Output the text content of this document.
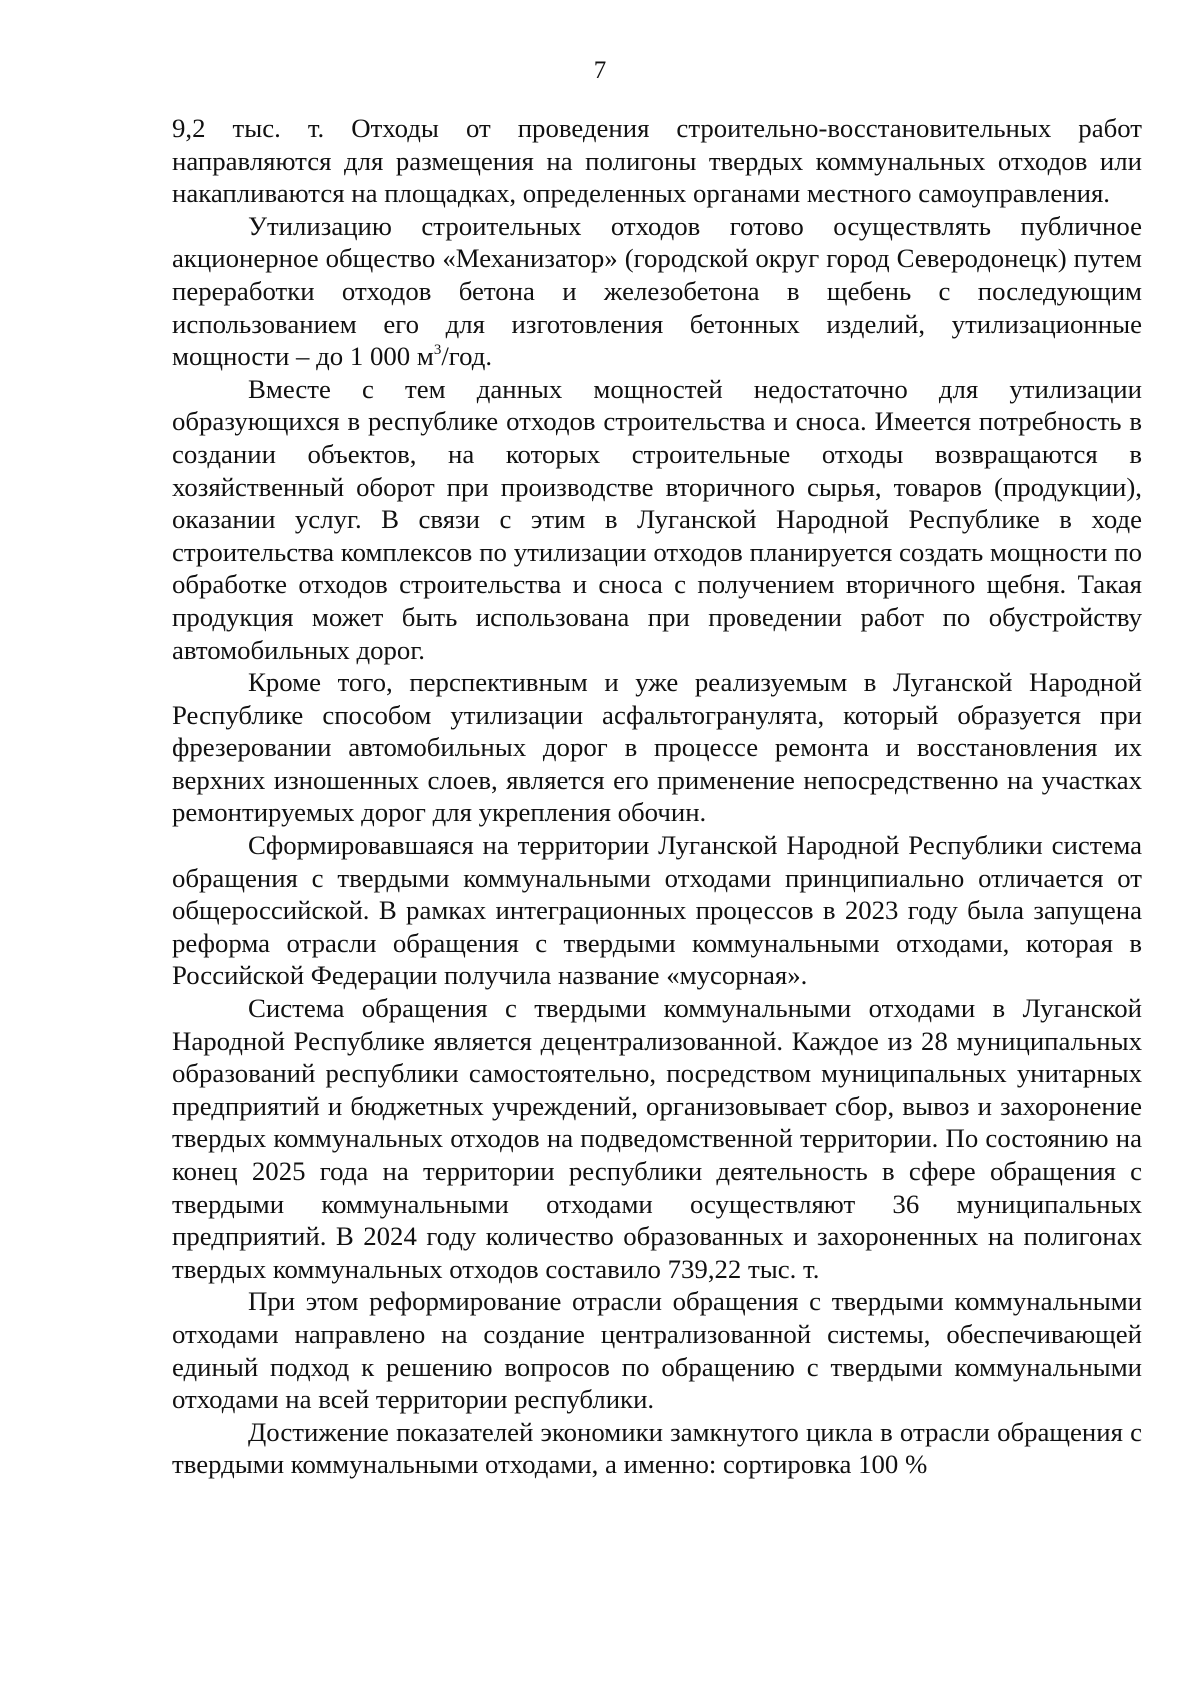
7

9,2 тыс. т. Отходы от проведения строительно-восстановительных работ направляются для размещения на полигоны твердых коммунальных отходов или накапливаются на площадках, определенных органами местного самоуправления.

Утилизацию строительных отходов готово осуществлять публичное акционерное общество «Механизатор» (городской округ город Северодонецк) путем переработки отходов бетона и железобетона в щебень с последующим использованием его для изготовления бетонных изделий, утилизационные мощности – до 1 000 $м^3$/год.

Вместе с тем данных мощностей недостаточно для утилизации образующихся в республике отходов строительства и сноса. Имеется потребность в создании объектов, на которых строительные отходы возвращаются в хозяйственный оборот при производстве вторичного сырья, товаров (продукции), оказании услуг. В связи с этим в Луганской Народной Республике в ходе строительства комплексов по утилизации отходов планируется создать мощности по обработке отходов строительства и сноса с получением вторичного щебня. Такая продукция может быть использована при проведении работ по обустройству автомобильных дорог.

Кроме того, перспективным и уже реализуемым в Луганской Народной Республике способом утилизации асфальтогранулята, который образуется при фрезеровании автомобильных дорог в процессе ремонта и восстановления их верхних изношенных слоев, является его применение непосредственно на участках ремонтируемых дорог для укрепления обочин.

Сформировавшаяся на территории Луганской Народной Республики система обращения с твердыми коммунальными отходами принципиально отличается от общероссийской. В рамках интеграционных процессов в 2023 году была запущена реформа отрасли обращения с твердыми коммунальными отходами, которая в Российской Федерации получила название «мусорная».

Система обращения с твердыми коммунальными отходами в Луганской Народной Республике является децентрализованной. Каждое из 28 муниципальных образований республики самостоятельно, посредством муниципальных унитарных предприятий и бюджетных учреждений, организовывает сбор, вывоз и захоронение твердых коммунальных отходов на подведомственной территории. По состоянию на конец 2025 года на территории республики деятельность в сфере обращения с твердыми коммунальными отходами осуществляют 36 муниципальных предприятий. В 2024 году количество образованных и захороненных на полигонах твердых коммунальных отходов составило 739,22 тыс. т.

При этом реформирование отрасли обращения с твердыми коммунальными отходами направлено на создание централизованной системы, обеспечивающей единый подход к решению вопросов по обращению с твердыми коммунальными отходами на всей территории республики.

Достижение показателей экономики замкнутого цикла в отрасли обращения с твердыми коммунальными отходами, а именно: сортировка 100 %
